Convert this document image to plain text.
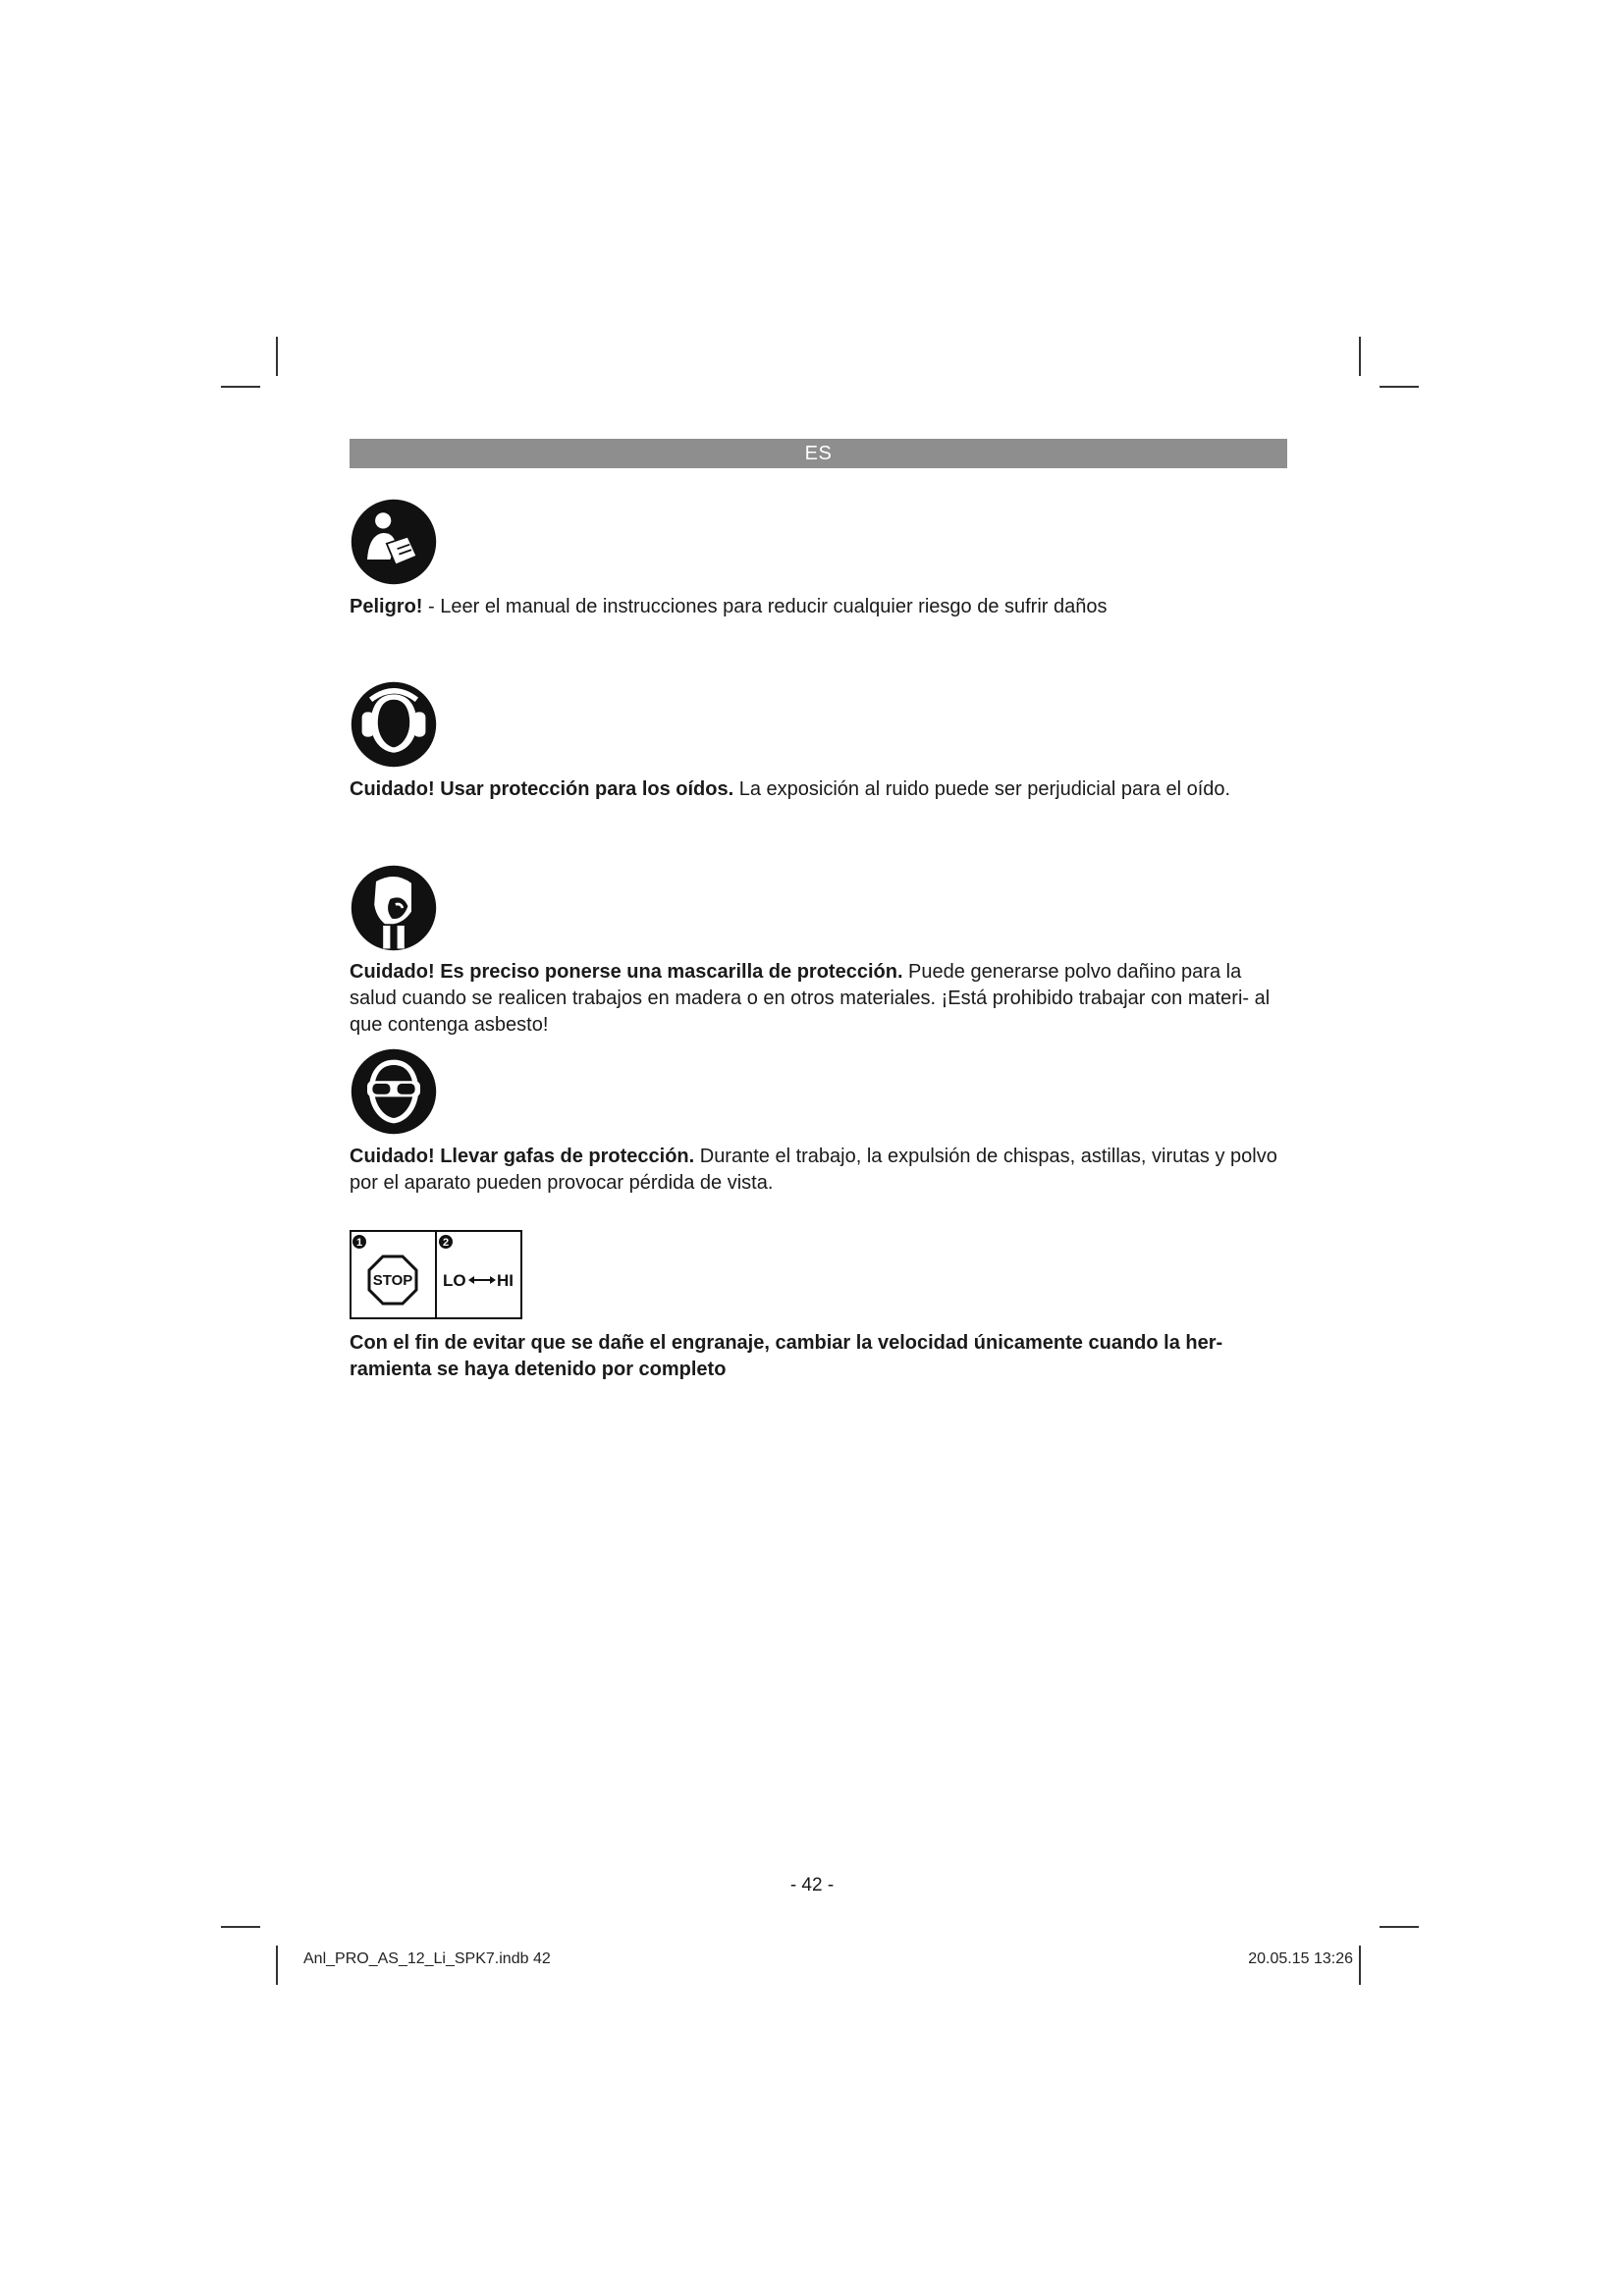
ES

Peligro! - Leer el manual de instrucciones para reducir cualquier riesgo de sufrir daños

Cuidado! Usar protección para los oídos. La exposición al ruido puede ser perjudicial para el oído.

Cuidado! Es preciso ponerse una mascarilla de protección. Puede generarse polvo dañino para la salud cuando se realicen trabajos en madera o en otros materiales. ¡Está prohibido trabajar con materi- al que contenga asbesto!

Cuidado! Llevar gafas de protección. Durante el trabajo, la expulsión de chispas, astillas, virutas y polvo por el aparato pueden provocar pérdida de vista.

1	2
STOP LO HI

Con el fin de evitar que se dañe el engranaje, cambiar la velocidad únicamente cuando la her- ramienta se haya detenido por completo

- 42 -
Anl_PRO_AS_12_Li_SPK7.indb 42	20.05.15 13:26
